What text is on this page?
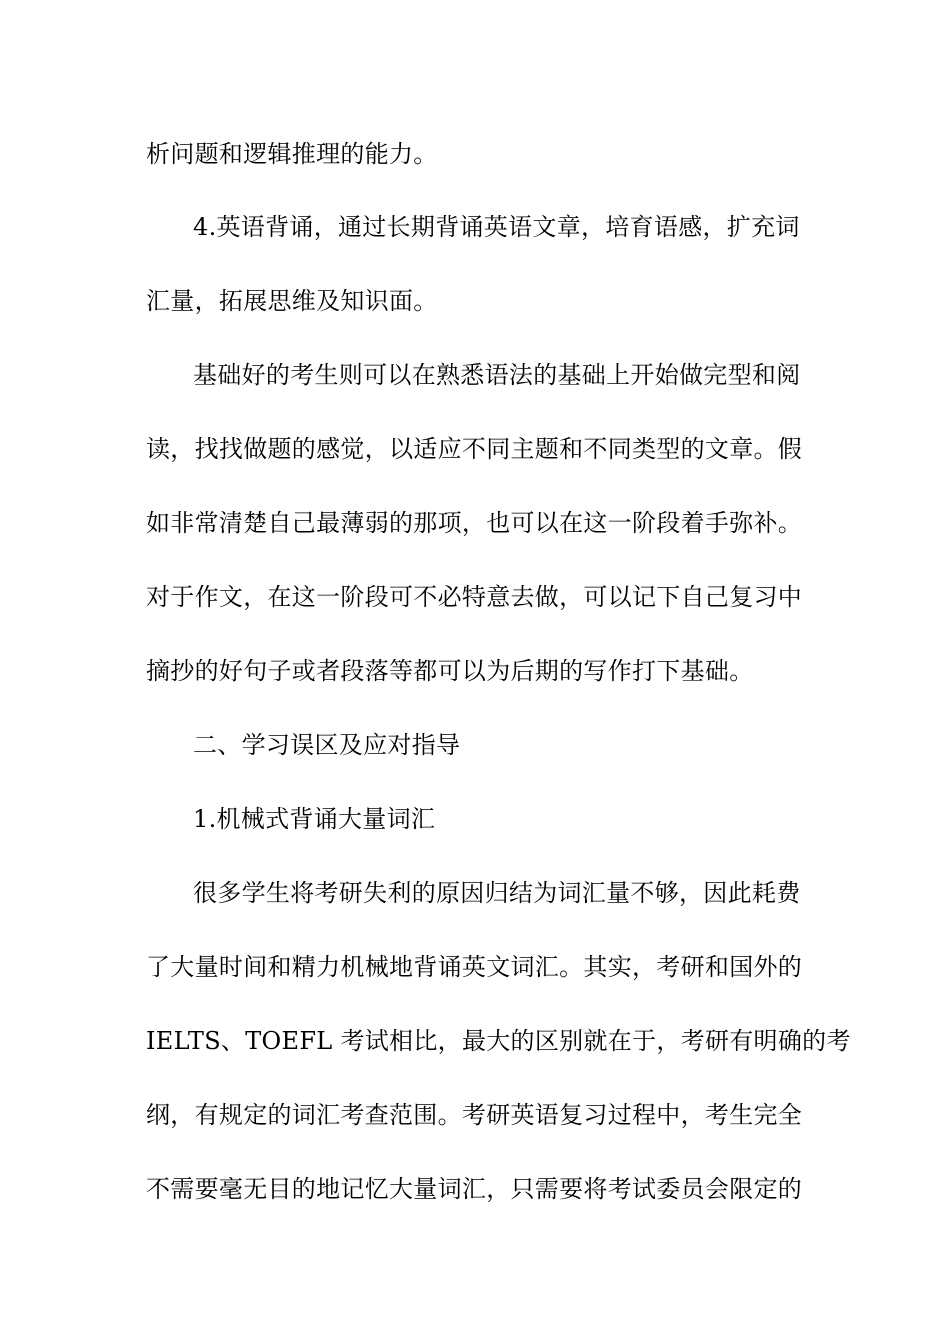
析问题和逻辑推理的能力。
4.英语背诵，通过长期背诵英语文章，培育语感，扩充词
汇量，拓展思维及知识面。
基础好的考生则可以在熟悉语法的基础上开始做完型和阅
读，找找做题的感觉，以适应不同主题和不同类型的文章。假
如非常清楚自己最薄弱的那项，也可以在这一阶段着手弥补。
对于作文，在这一阶段可不必特意去做，可以记下自己复习中
摘抄的好句子或者段落等都可以为后期的写作打下基础。
二、学习误区及应对指导
1.机械式背诵大量词汇
很多学生将考研失利的原因归结为词汇量不够，因此耗费
了大量时间和精力机械地背诵英文词汇。其实，考研和国外的
IELTS、TOEFL 考试相比，最大的区别就在于，考研有明确的考
纲，有规定的词汇考查范围。考研英语复习过程中，考生完全
不需要毫无目的地记忆大量词汇，只需要将考试委员会限定的
